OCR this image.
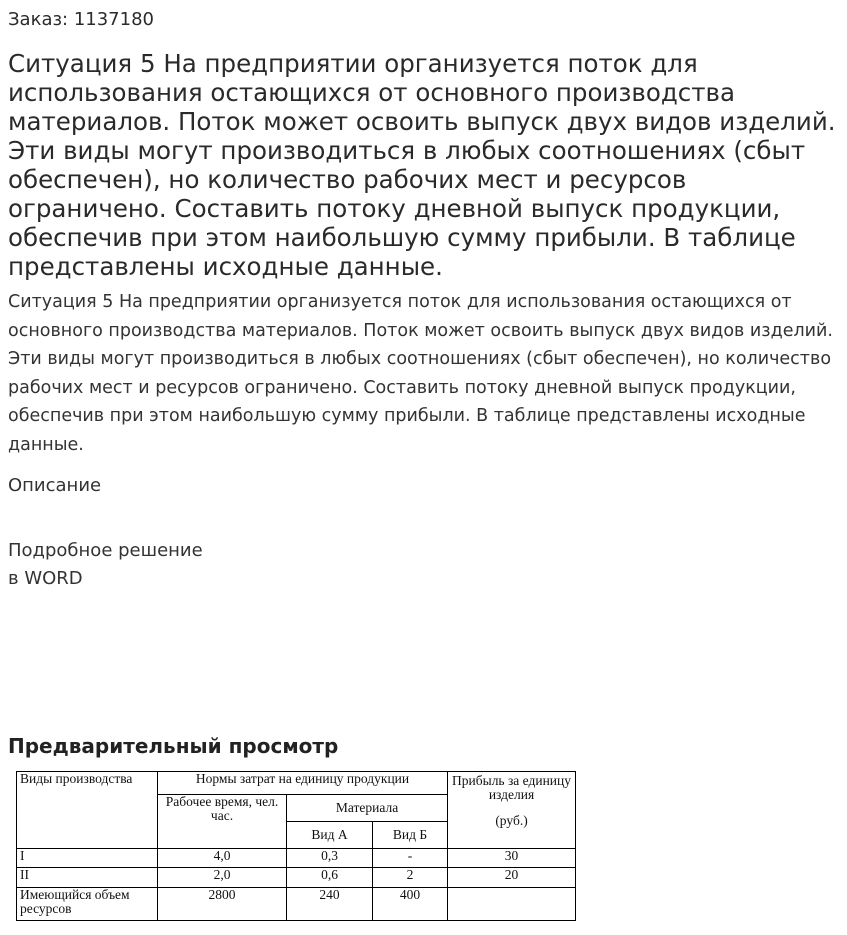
Заказ: 1137180
Ситуация 5 На предприятии организуется поток для использования остающихся от основного производства материалов. Поток может освоить выпуск двух видов изделий. Эти виды могут производиться в любых соотношениях (сбыт обеспечен), но количество рабочих мест и ресурсов ограничено. Составить потоку дневной выпуск продукции, обеспечив при этом наибольшую сумму прибыли. В таблице представлены исходные данные.

Ситуация 5 На предприятии организуется поток для использования остающихся от основного производства материалов. Поток может освоить выпуск двух видов изделий. Эти виды могут производиться в любых соотношениях (сбыт обеспечен), но количество рабочих мест и ресурсов ограничено. Составить потоку дневной выпуск продукции, обеспечив при этом наибольшую сумму прибыли. В таблице представлены исходные данные.

Описание
Подробное решение
в WORD
Предварительный просмотр
Виды производства	Нормы затрат на единицу продукции			Прибыль за единицу изделия
(руб.)

	Рабочее время, чел. час.	Материала		
		Вид А	Вид Б	
I	4,0	0,3	-	30
II	2,0	0,6	2	20
Имеющийся объем ресурсов	2800	240	400	
